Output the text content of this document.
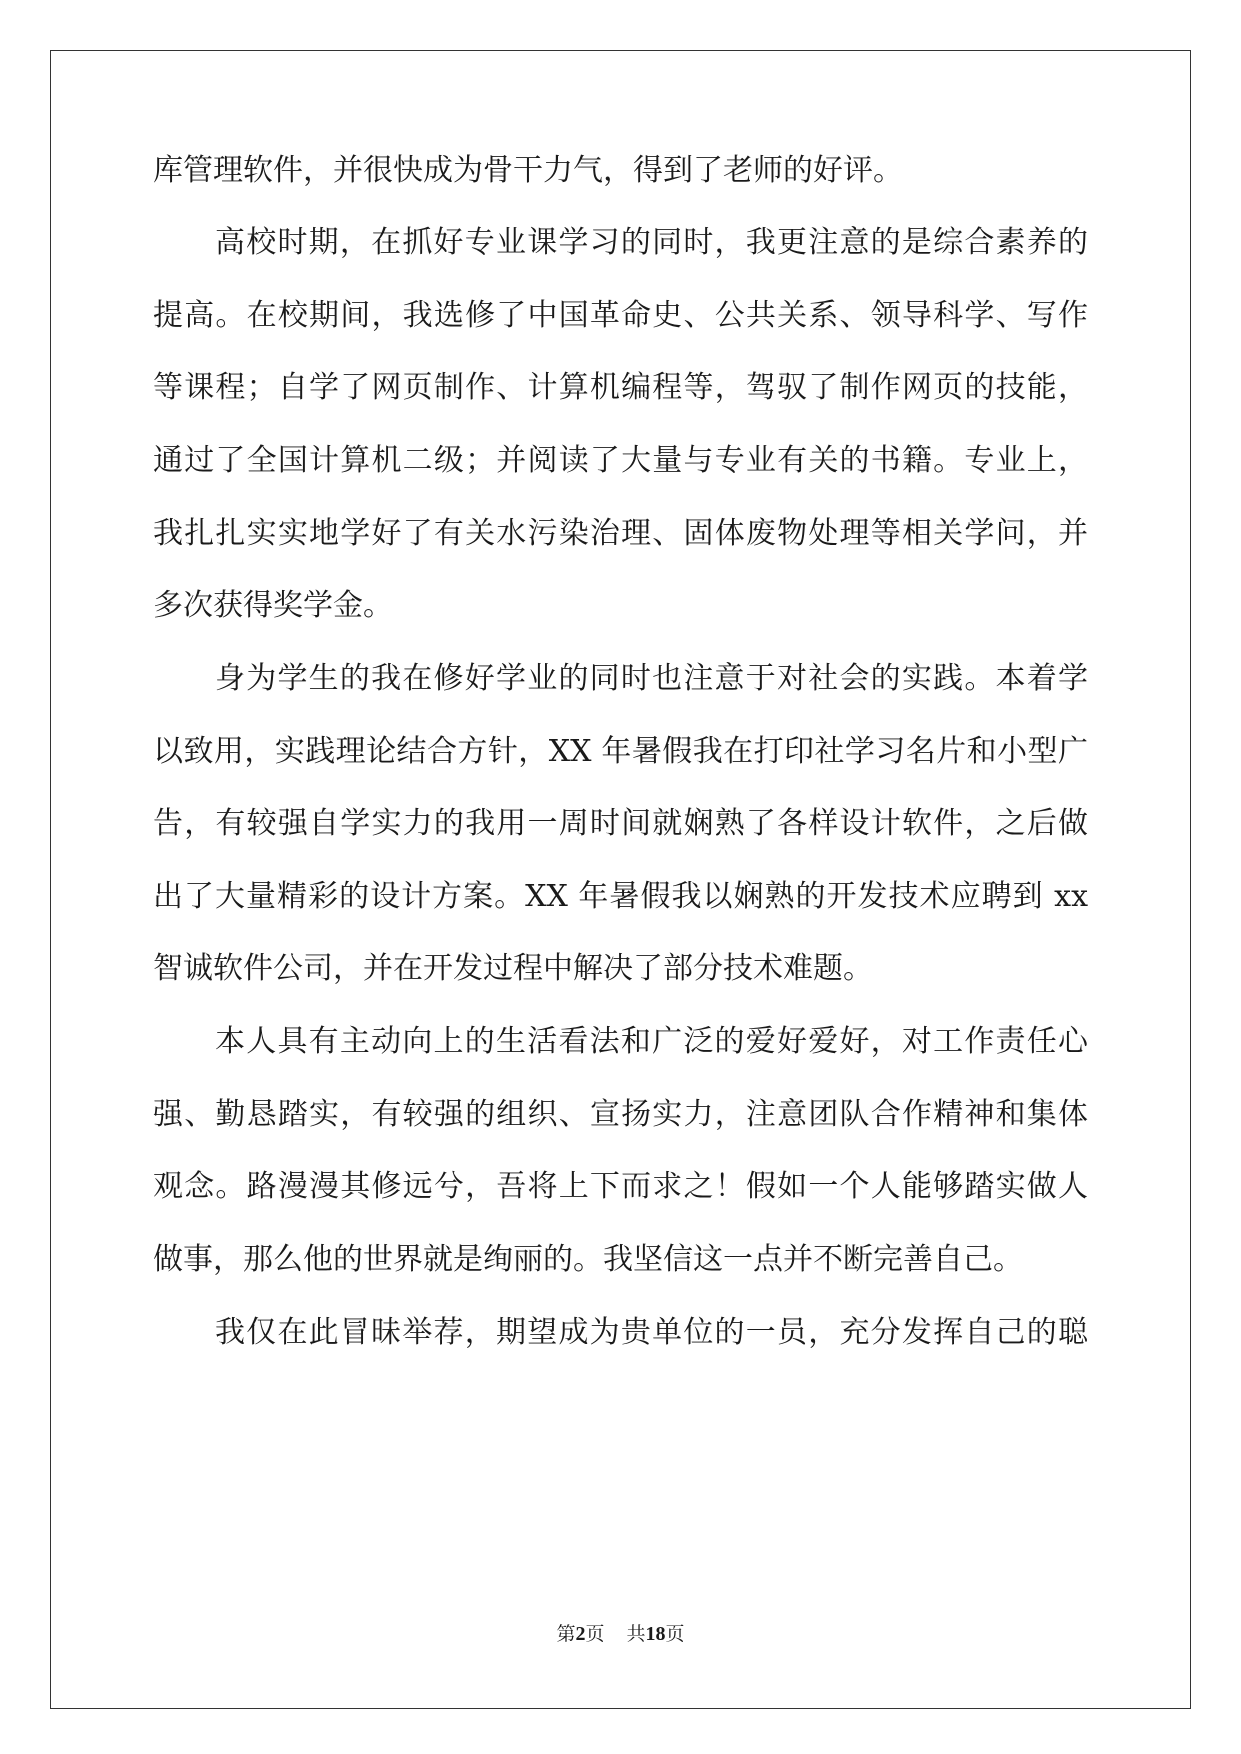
库管理软件，并很快成为骨干力气，得到了老师的好评。
高校时期，在抓好专业课学习的同时，我更注意的是综合素养的
提高。在校期间，我选修了中国革命史、公共关系、领导科学、写作
等课程；自学了网页制作、计算机编程等，驾驭了制作网页的技能，
通过了全国计算机二级；并阅读了大量与专业有关的书籍。专业上，
我扎扎实实地学好了有关水污染治理、固体废物处理等相关学问，并
多次获得奖学金。
身为学生的我在修好学业的同时也注意于对社会的实践。本着学
以致用，实践理论结合方针，XX 年暑假我在打印社学习名片和小型广
告，有较强自学实力的我用一周时间就娴熟了各样设计软件，之后做
出了大量精彩的设计方案。XX 年暑假我以娴熟的开发技术应聘到 xx
智诚软件公司，并在开发过程中解决了部分技术难题。
本人具有主动向上的生活看法和广泛的爱好爱好，对工作责任心
强、勤恳踏实，有较强的组织、宣扬实力，注意团队合作精神和集体
观念。路漫漫其修远兮，吾将上下而求之！假如一个人能够踏实做人
做事，那么他的世界就是绚丽的。我坚信这一点并不断完善自己。
我仅在此冒昧举荐，期望成为贵单位的一员，充分发挥自己的聪
第2页 共18页
